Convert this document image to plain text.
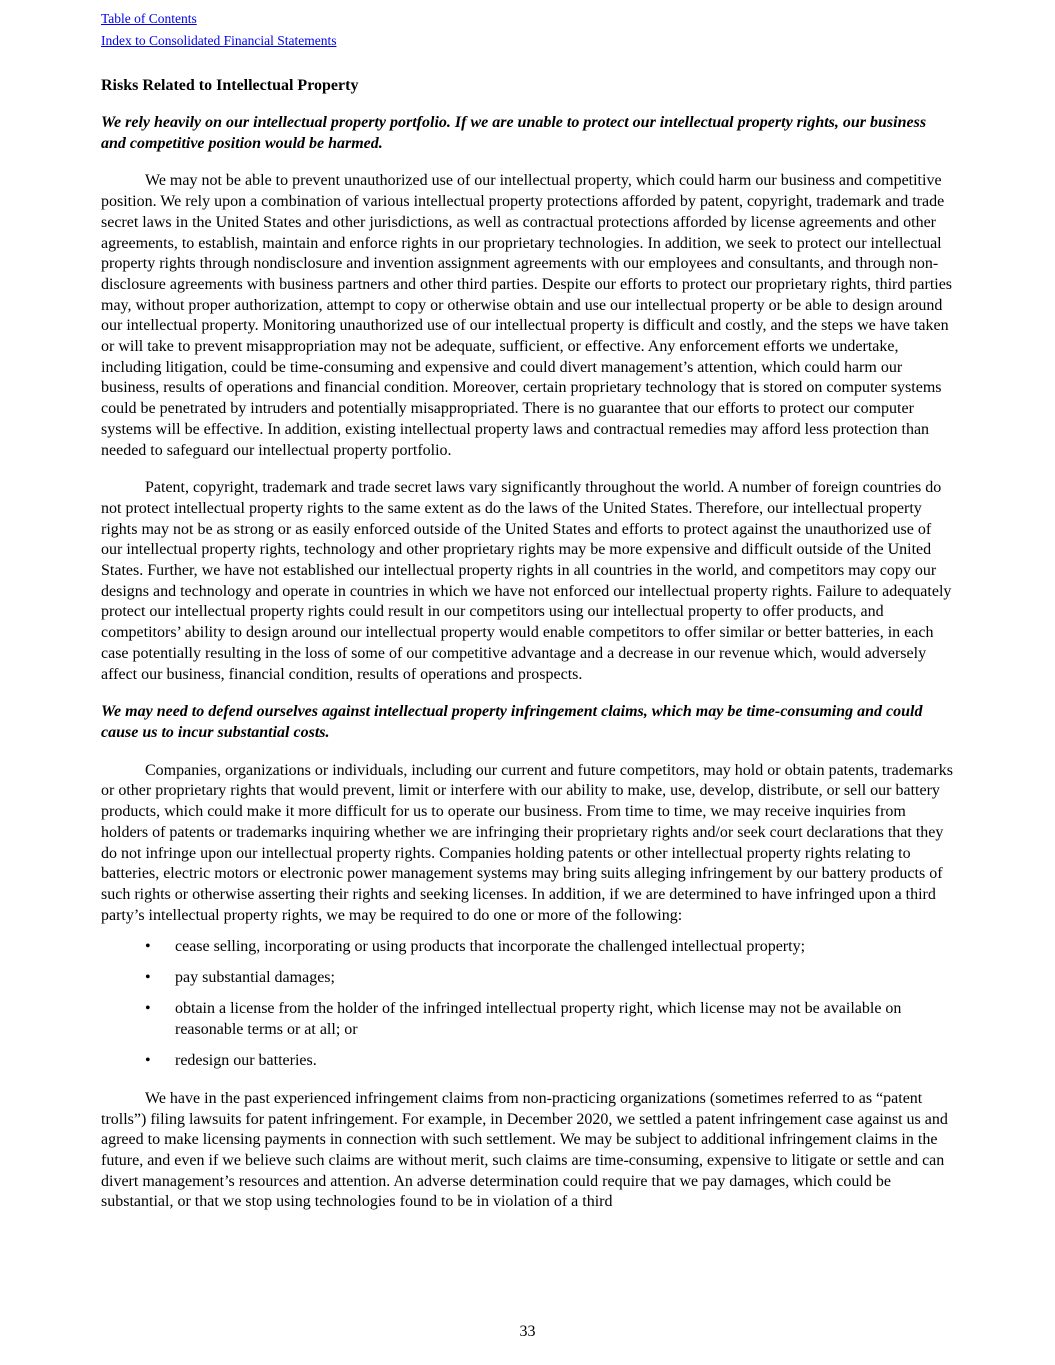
Table of Contents
Index to Consolidated Financial Statements
Risks Related to Intellectual Property
We rely heavily on our intellectual property portfolio. If we are unable to protect our intellectual property rights, our business and competitive position would be harmed.

We may not be able to prevent unauthorized use of our intellectual property, which could harm our business and competitive position. We rely upon a combination of various intellectual property protections afforded by patent, copyright, trademark and trade secret laws in the United States and other jurisdictions, as well as contractual protections afforded by license agreements and other agreements, to establish, maintain and enforce rights in our proprietary technologies. In addition, we seek to protect our intellectual property rights through nondisclosure and invention assignment agreements with our employees and consultants, and through non-disclosure agreements with business partners and other third parties. Despite our efforts to protect our proprietary rights, third parties may, without proper authorization, attempt to copy or otherwise obtain and use our intellectual property or be able to design around our intellectual property. Monitoring unauthorized use of our intellectual property is difficult and costly, and the steps we have taken or will take to prevent misappropriation may not be adequate, sufficient, or effective. Any enforcement efforts we undertake, including litigation, could be time-consuming and expensive and could divert management’s attention, which could harm our business, results of operations and financial condition. Moreover, certain proprietary technology that is stored on computer systems could be penetrated by intruders and potentially misappropriated. There is no guarantee that our efforts to protect our computer systems will be effective. In addition, existing intellectual property laws and contractual remedies may afford less protection than needed to safeguard our intellectual property portfolio.

Patent, copyright, trademark and trade secret laws vary significantly throughout the world. A number of foreign countries do not protect intellectual property rights to the same extent as do the laws of the United States. Therefore, our intellectual property rights may not be as strong or as easily enforced outside of the United States and efforts to protect against the unauthorized use of our intellectual property rights, technology and other proprietary rights may be more expensive and difficult outside of the United States. Further, we have not established our intellectual property rights in all countries in the world, and competitors may copy our designs and technology and operate in countries in which we have not enforced our intellectual property rights. Failure to adequately protect our intellectual property rights could result in our competitors using our intellectual property to offer products, and competitors’ ability to design around our intellectual property would enable competitors to offer similar or better batteries, in each case potentially resulting in the loss of some of our competitive advantage and a decrease in our revenue which, would adversely affect our business, financial condition, results of operations and prospects.

We may need to defend ourselves against intellectual property infringement claims, which may be time-consuming and could cause us to incur substantial costs.

Companies, organizations or individuals, including our current and future competitors, may hold or obtain patents, trademarks or other proprietary rights that would prevent, limit or interfere with our ability to make, use, develop, distribute, or sell our battery products, which could make it more difficult for us to operate our business. From time to time, we may receive inquiries from holders of patents or trademarks inquiring whether we are infringing their proprietary rights and/or seek court declarations that they do not infringe upon our intellectual property rights. Companies holding patents or other intellectual property rights relating to batteries, electric motors or electronic power management systems may bring suits alleging infringement by our battery products of such rights or otherwise asserting their rights and seeking licenses. In addition, if we are determined to have infringed upon a third party’s intellectual property rights, we may be required to do one or more of the following:

• cease selling, incorporating or using products that incorporate the challenged intellectual property;
• pay substantial damages;
• obtain a license from the holder of the infringed intellectual property right, which license may not be available on reasonable terms or at all; or
• redesign our batteries.

We have in the past experienced infringement claims from non-practicing organizations (sometimes referred to as “patent trolls”) filing lawsuits for patent infringement. For example, in December 2020, we settled a patent infringement case against us and agreed to make licensing payments in connection with such settlement. We may be subject to additional infringement claims in the future, and even if we believe such claims are without merit, such claims are time-consuming, expensive to litigate or settle and can divert management’s resources and attention. An adverse determination could require that we pay damages, which could be substantial, or that we stop using technologies found to be in violation of a third

33
